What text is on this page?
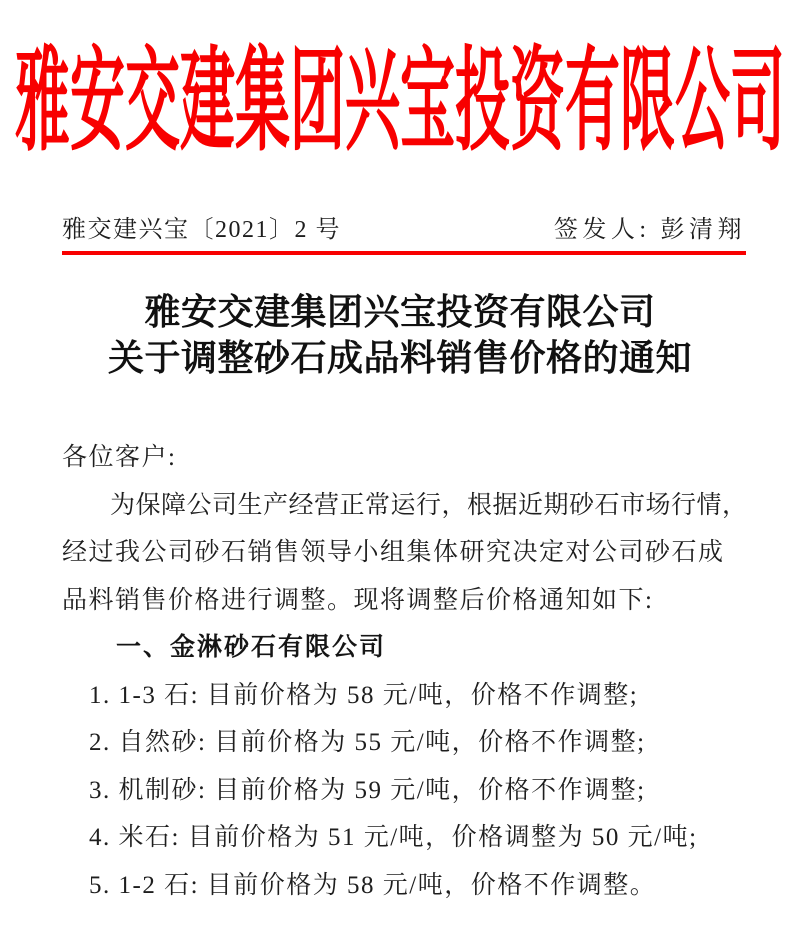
雅安交建集团兴宝投资有限公司
雅交建兴宝〔2021〕2 号	签发人: 彭清翔
雅安交建集团兴宝投资有限公司
关于调整砂石成品料销售价格的通知
各位客户:
为保障公司生产经营正常运行，根据近期砂石市场行情，
经过我公司砂石销售领导小组集体研究决定对公司砂石成
品料销售价格进行调整。现将调整后价格通知如下:
一、金淋砂石有限公司
1. 1-3 石: 目前价格为 58 元/吨，价格不作调整;
2. 自然砂: 目前价格为 55 元/吨，价格不作调整;
3. 机制砂: 目前价格为 59 元/吨，价格不作调整;
4. 米石: 目前价格为 51 元/吨，价格调整为 50 元/吨;
5. 1-2 石: 目前价格为 58 元/吨，价格不作调整。
